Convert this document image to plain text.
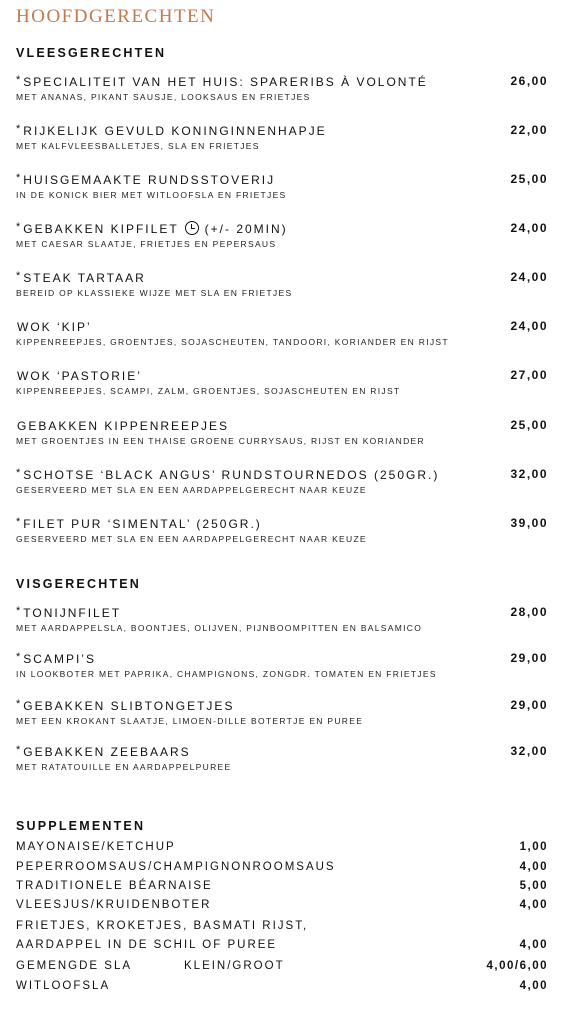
HOOFDGERECHTEN
VLEESGERECHTEN
*SPECIALITEIT VAN HET HUIS: SPARERIBS À VOLONTÉ
MET ANANAS, PIKANT SAUSJE, LOOKSAUS EN FRIETJES
26,00
*RIJKELIJK GEVULD KONINGINNENHAPJE
MET KALFVLEESBALLETJES, SLA EN FRIETJES
22,00
*HUISGEMAAKTE RUNDSSTOVERIJ
IN DE KONICK BIER MET WITLOOFSLA EN FRIETJES
25,00
*GEBAKKEN KIPFILET (+/- 20MIN)
MET CAESAR SLAATJE, FRIETJES EN PEPERSAUS
24,00
*STEAK TARTAAR
BEREID OP KLASSIEKE WIJZE MET SLA EN FRIETJES
24,00
WOK ‘KIP’
KIPPENREEPJES, GROENTJES, SOJASCHEUTEN, TANDOORI, KORIANDER EN RIJST
24,00
WOK ‘PASTORIE’
KIPPENREEPJES, SCAMPI, ZALM, GROENTJES, SOJASCHEUTEN EN RIJST
27,00
GEBAKKEN KIPPENREEPJES
MET GROENTJES IN EEN THAISE GROENE CURRYSAUS, RIJST EN KORIANDER
25,00
*SCHOTSE ‘BLACK ANGUS’ RUNDSTOURNEDOS (250GR.)
GESERVEERD MET SLA EN EEN AARDAPPELGERECHT NAAR KEUZE
32,00
*FILET PUR ‘SIMENTAL’ (250GR.)
GESERVEERD MET SLA EN EEN AARDAPPELGERECHT NAAR KEUZE
39,00
VISGERECHTEN
*TONIJNFILET
MET AARDAPPELSLA, BOONTJES, OLIJVEN, PIJNBOOMPITTEN EN BALSAMICO
28,00
*SCAMPI’S
IN LOOKBOTER MET PAPRIKA, CHAMPIGNONS, ZONGDR. TOMATEN EN FRIETJES
29,00
*GEBAKKEN SLIBTONGETJES
MET EEN KROKANT SLAATJE, LIMOEN-DILLE BOTERTJE EN PUREE
29,00
*GEBAKKEN ZEEBAARS
MET RATATOUILLE EN AARDAPPELPUREE
32,00
SUPPLEMENTEN
MAYONAISE/KETCHUP	1,00
PEPERROOMSAUS/CHAMPIGNONROOMSAUS	4,00
TRADITIONELE BÉARNAISE	5,00
VLEESJUS/KRUIDENBOTER	4,00
FRIETJES, KROKETJES, BASMATI RIJST,
AARDAPPEL IN DE SCHIL OF PUREE	4,00
GEMENGDE SLA	KLEIN/GROOT	4,00/6,00
WITLOOFSLA	4,00
